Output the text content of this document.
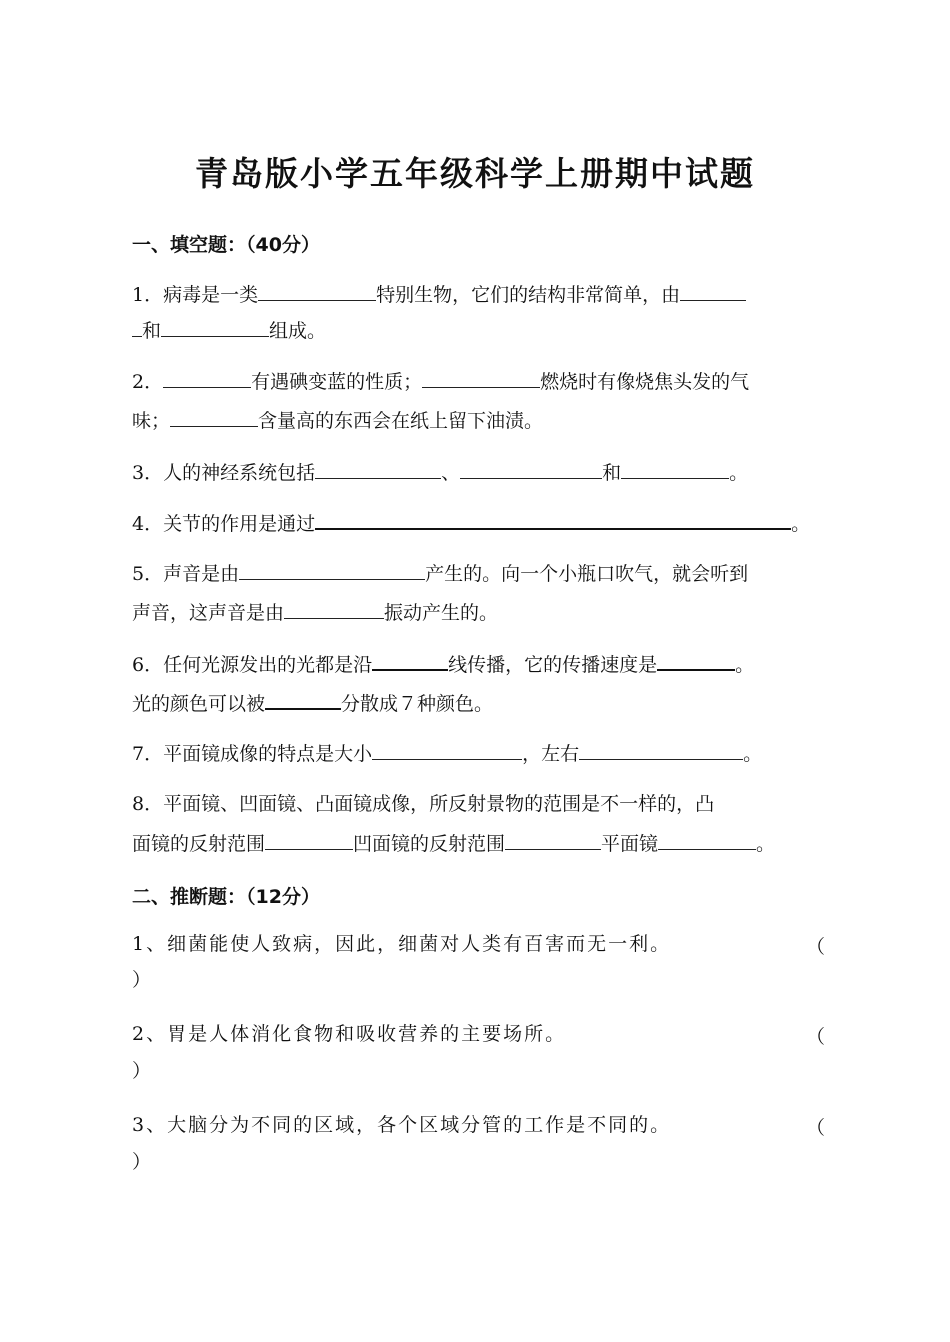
青岛版小学五年级科学上册期中试题
一、填空题：（40分）
1．病毒是一类	特别生物，它们的结构非常简单，由
和	组成。
2．	有遇碘变蓝的性质；	燃烧时有像烧焦头发的气
味；	含量高的东西会在纸上留下油渍。
3．人的神经系统包括	、	和	。
4．关节的作用是通过	。
5．声音是由	产生的。向一个小瓶口吹气，就会听到
声音，这声音是由	振动产生的。
6．任何光源发出的光都是沿	线传播，它的传播速度是	。
光的颜色可以被	分散成７种颜色。
7．平面镜成像的特点是大小	，左右	。
8．平面镜、凹面镜、凸面镜成像，所反射景物的范围是不一样的，凸
面镜的反射范围	凹面镜的反射范围	平面镜	。
二、推断题：（12分）
1、细菌能使人致病，因此，细菌对人类有百害而无一利。	（
）
2、胃是人体消化食物和吸收营养的主要场所。	（
）
3、大脑分为不同的区域，各个区域分管的工作是不同的。	（
）
